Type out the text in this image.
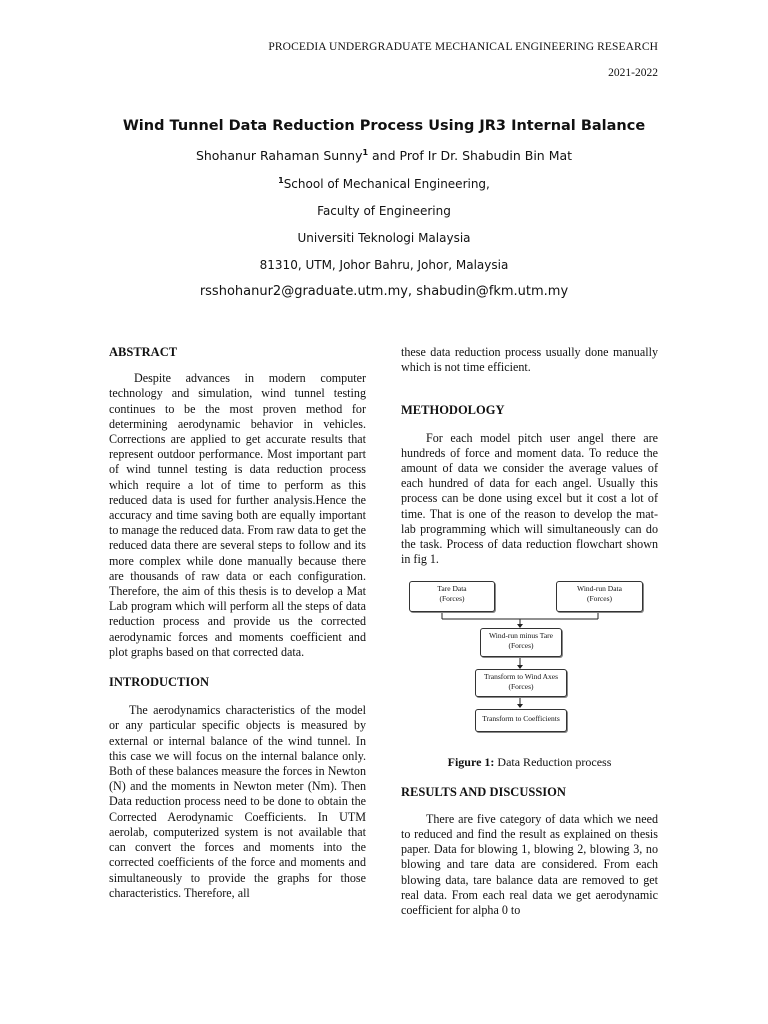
PROCEDIA UNDERGRADUATE MECHANICAL ENGINEERING RESEARCH
2021-2022
Wind Tunnel Data Reduction Process Using JR3 Internal Balance
Shohanur Rahaman Sunny$^1$ and Prof Ir Dr. Shabudin Bin Mat
$^1$School of Mechanical Engineering,
Faculty of Engineering
Universiti Teknologi Malaysia
81310, UTM, Johor Bahru, Johor, Malaysia
rsshohanur2@graduate.utm.my, shabudin@fkm.utm.my
ABSTRACT

Despite advances in modern computer technology and simulation, wind tunnel testing continues to be the most proven method for determining aerodynamic behavior in vehicles. Corrections are applied to get accurate results that represent outdoor performance. Most important part of wind tunnel testing is data reduction process which require a lot of time to perform as this reduced data is used for further analysis.Hence the accuracy and time saving both are equally important to manage the reduced data. From raw data to get the reduced data there are several steps to follow and its more complex while done manually because there are thousands of raw data or each configuration. Therefore, the aim of this thesis is to develop a Mat Lab program which will perform all the steps of data reduction process and provide us the corrected aerodynamic forces and moments coefficient and plot graphs based on that corrected data.

INTRODUCTION

The aerodynamics characteristics of the model or any particular specific objects is measured by external or internal balance of the wind tunnel. In this case we will focus on the internal balance only. Both of these balances measure the forces in Newton (N) and the moments in Newton meter (Nm). Then Data reduction process need to be done to obtain the Corrected Aerodynamic Coefficients. In UTM aerolab, computerized system is not available that can convert the forces and moments into the corrected coefficients of the force and moments and simultaneously to provide the graphs for those characteristics. Therefore, all

these data reduction process usually done manually which is not time efficient.

METHODOLOGY

For each model pitch user angel there are hundreds of force and moment data. To reduce the amount of data we consider the average values of each hundred of data for each angel. Usually this process can be done using excel but it cost a lot of time. That is one of the reason to develop the mat-lab programming which will simultaneously can do the task. Process of data reduction flowchart shown in fig 1.

Tare Data
(Forces)
Wind-run Data
(Forces)
Wind-run minus Tare
(Forces)
Transform to Wind Axes
(Forces)
Transform to Coefficients
Figure 1: Data Reduction process
RESULTS AND DISCUSSION

There are five category of data which we need to reduced and find the result as explained on thesis paper. Data for blowing 1, blowing 2, blowing 3, no blowing and tare data are considered. From each blowing data, tare balance data are removed to get real data. From each real data we get aerodynamic coefficient for alpha 0 to
